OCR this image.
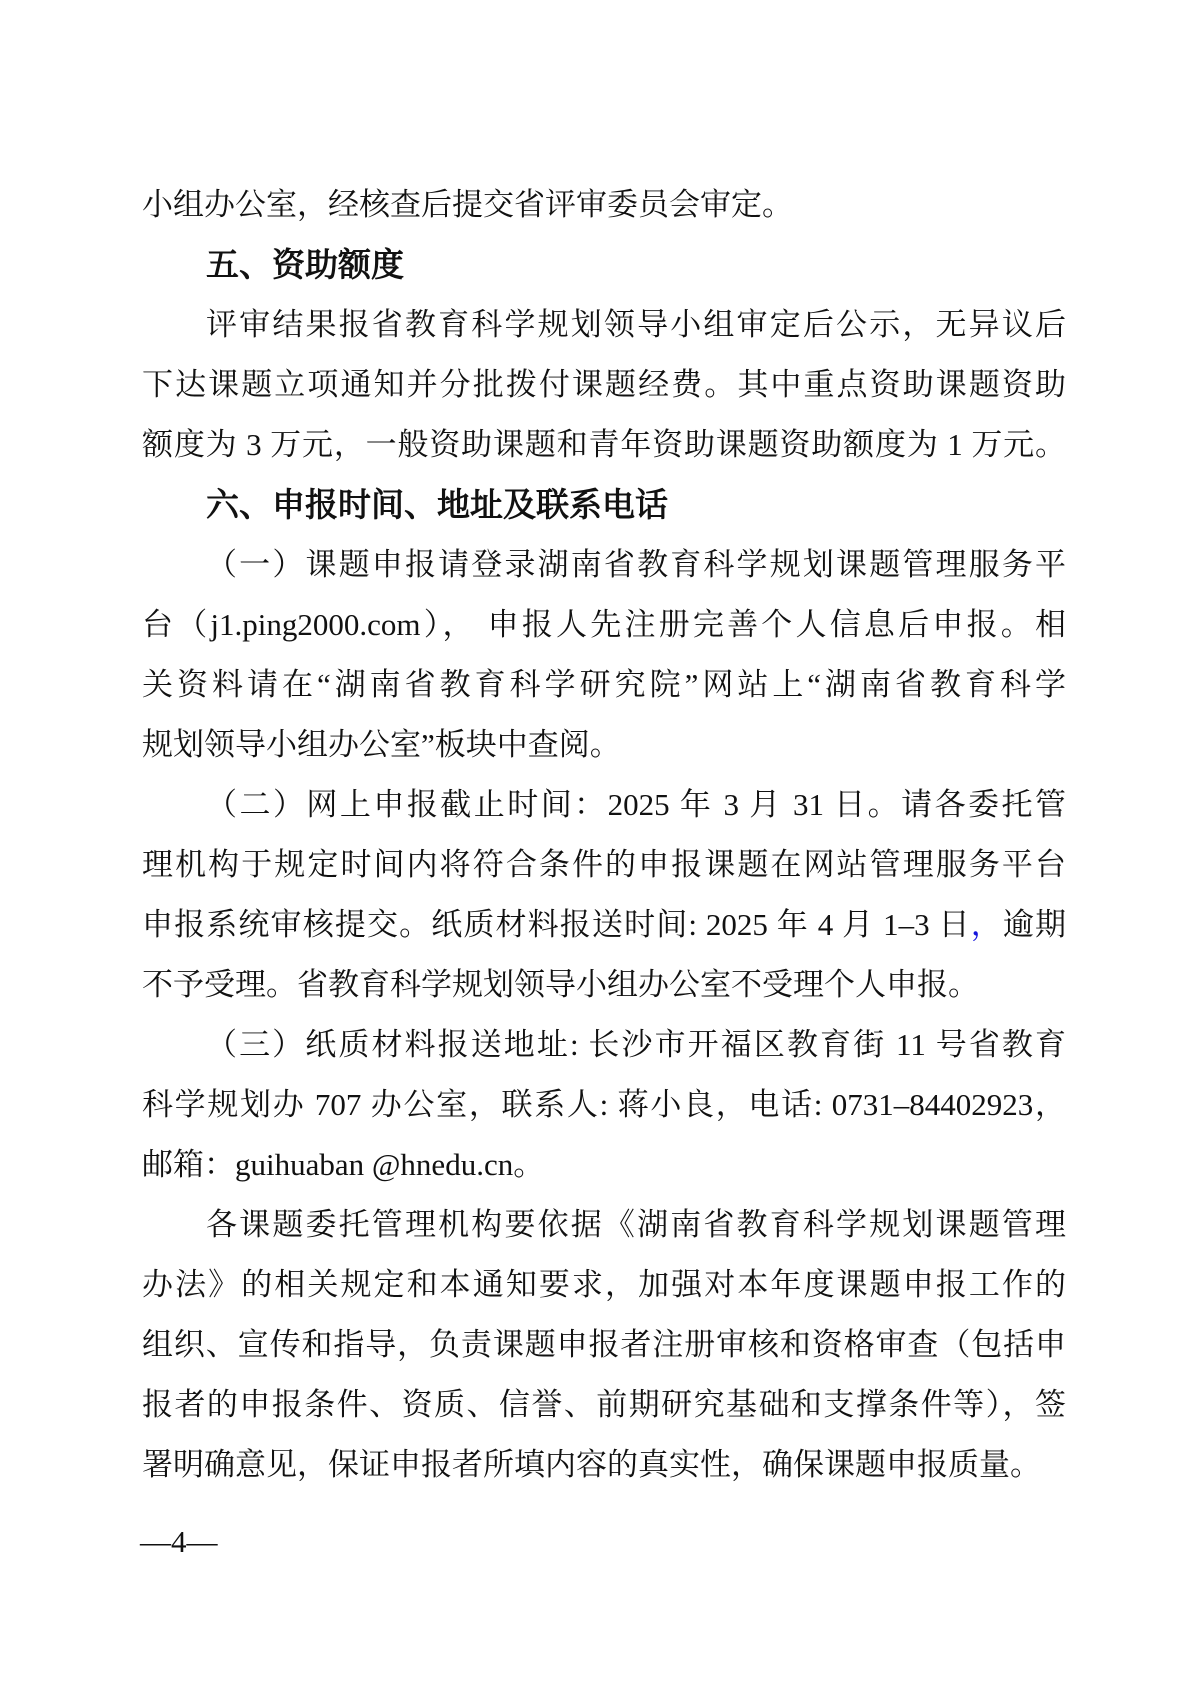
小组办公室，经核查后提交省评审委员会审定。
五、资助额度
评审结果报省教育科学规划领导小组审定后公示，无异议后
下达课题立项通知并分批拨付课题经费。其中重点资助课题资助
额度为 3 万元，一般资助课题和青年资助课题资助额度为 1 万元。
六、申报时间、地址及联系电话
（一）课题申报请登录湖南省教育科学规划课题管理服务平
台（j1.ping2000.com）， 申报人先注册完善个人信息后申报。相
关资料请在“湖南省教育科学研究院”网站上“湖南省教育科学
规划领导小组办公室”板块中查阅。
（二）网上申报截止时间：2025 年 3 月 31 日。请各委托管
理机构于规定时间内将符合条件的申报课题在网站管理服务平台
申报系统审核提交。纸质材料报送时间: 2025 年 4 月 1–3 日，逾期
不予受理。省教育科学规划领导小组办公室不受理个人申报。
（三）纸质材料报送地址: 长沙市开福区教育街 11 号省教育
科学规划办 707 办公室，联系人: 蒋小良，电话: 0731–84402923，
邮箱：guihuaban @hnedu.cn。
各课题委托管理机构要依据《湖南省教育科学规划课题管理
办法》的相关规定和本通知要求，加强对本年度课题申报工作的
组织、宣传和指导，负责课题申报者注册审核和资格审查（包括申
报者的申报条件、资质、信誉、前期研究基础和支撑条件等），签
署明确意见，保证申报者所填内容的真实性，确保课题申报质量。
—4—
